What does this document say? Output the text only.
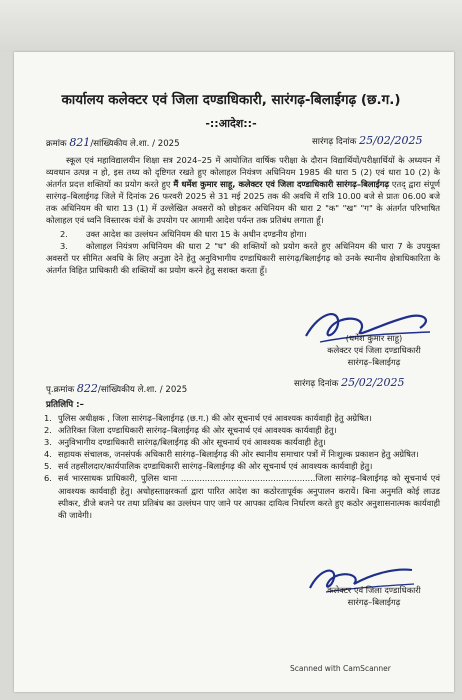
कार्यालय कलेक्टर एवं जिला दण्डाधिकारी, सारंगढ़-बिलाईगढ़ (छ.ग.)
-::आदेश::-
क्रमांक 821/सांख्यिकीय ले.शा. / 2025	सारंगढ़ दिनांक 25/02/2025

स्कूल एवं महाविद्यालयीन शिक्षा सत्र 2024–25 में आयोजित वार्षिक परीक्षा के दौरान विद्यार्थियों/परीक्षार्थियों के अध्ययन में व्यवधान उत्पन्न न हो, इस तथ्य को दृष्टिगत रखते हुए कोलाहल नियंत्रण अधिनियम 1985 की धारा 5 (2) एवं धारा 10 (2) के अंतर्गत प्रदत्त शक्तियों का प्रयोग करते हुए मैं धर्मेश कुमार साहू, कलेक्टर एवं जिला दण्डाधिकारी सारंगढ़–बिलाईगढ़ एतद् द्वारा संपूर्ण सारंगढ़–बिलाईगढ़ जिले में दिनांक 26 फरवरी 2025 से 31 मई 2025 तक की अवधि में रात्रि 10.00 बजे से प्रातः 06.00 बजे तक अधिनियम की धारा 13 (1) में उल्लेखित अवसरों को छोड़कर अधिनियम की धारा 2 "क" "ख" "ग" के अंतर्गत परिभाषित कोलाहल एवं ध्वनि विस्तारक यंत्रों के उपयोग पर आगामी आदेश पर्यन्त तक प्रतिबंध लगाता हूँ।

2.	उक्त आदेश का उल्लंघन अधिनियम की धारा 15 के अधीन दण्डनीय होगा।
3. कोलाहल नियंत्रण अधिनियम की धारा 2 "घ" की शक्तियों को प्रयोग करते हुए अधिनियम की धारा 7 के उपयुक्त अवसरों पर सीमित अवधि के लिए अनुज्ञा देने हेतु अनुविभागीय दण्डाधिकारी सारंगढ़/बिलाईगढ़ को उनके स्थानीय क्षेत्राधिकारिता के अंतर्गत विहित प्राधिकारी की शक्तियों का प्रयोग करने हेतु सशक्त करता हूँ।
(धर्मेश कुमार साहू)
कलेक्टर एवं जिला दण्डाधिकारी
सारंगढ़–बिलाईगढ़
पृ.क्रमांक 822/सांख्यिकीय ले.शा. / 2025
सारंगढ़ दिनांक 25/02/2025
प्रतिलिपि :–
1. पुलिस अधीक्षक , जिला सारंगढ़–बिलाईगढ़ (छ.ग.) की ओर सूचनार्थ एवं आवश्यक कार्यवाही हेतु अग्रेषित।
2. अतिरिक्त जिला दण्डाधिकारी सारंगढ़–बिलाईगढ़ की ओर सूचनार्थ एवं आवश्यक कार्यवाही हेतु।
3. अनुविभागीय दण्डाधिकारी सारंगढ़/बिलाईगढ़ की ओर सूचनार्थ एवं आवश्यक कार्यवाही हेतु।
4. सहायक संचालक, जनसंपर्क अधिकारी सारंगढ़–बिलाईगढ़ की ओर स्थानीय समाचार पत्रों में निःशुल्क प्रकाशन हेतु अग्रेषित।
5. सर्व तहसीलदार/कार्यपालिक दण्डाधिकारी सारंगढ़–बिलाईगढ़ की ओर सूचनार्थ एवं आवश्यक कार्यवाही हेतु।
6. सर्व भारसाधक प्राधिकारी, पुलिस थाना ...................................................जिला सारंगढ़–बिलाईगढ़ को सूचनार्थ एवं आवश्यक कार्यवाही हेतु। अधोहस्ताक्षरकर्ता द्वारा पारित आदेश का कठोरतापूर्वक अनुपालन करायें। बिना अनुमति कोई लाउड स्पीकर, डीजे बजने पर तथा प्रतिबंध का उल्लंघन पाए जाने पर आपका दायित्व निर्धारण करते हुए कठोर अनुशासनात्मक कार्यवाही की जावेगी।
कलेक्टर एवं जिला दण्डाधिकारी
सारंगढ़–बिलाईगढ़
Scanned with CamScanner
